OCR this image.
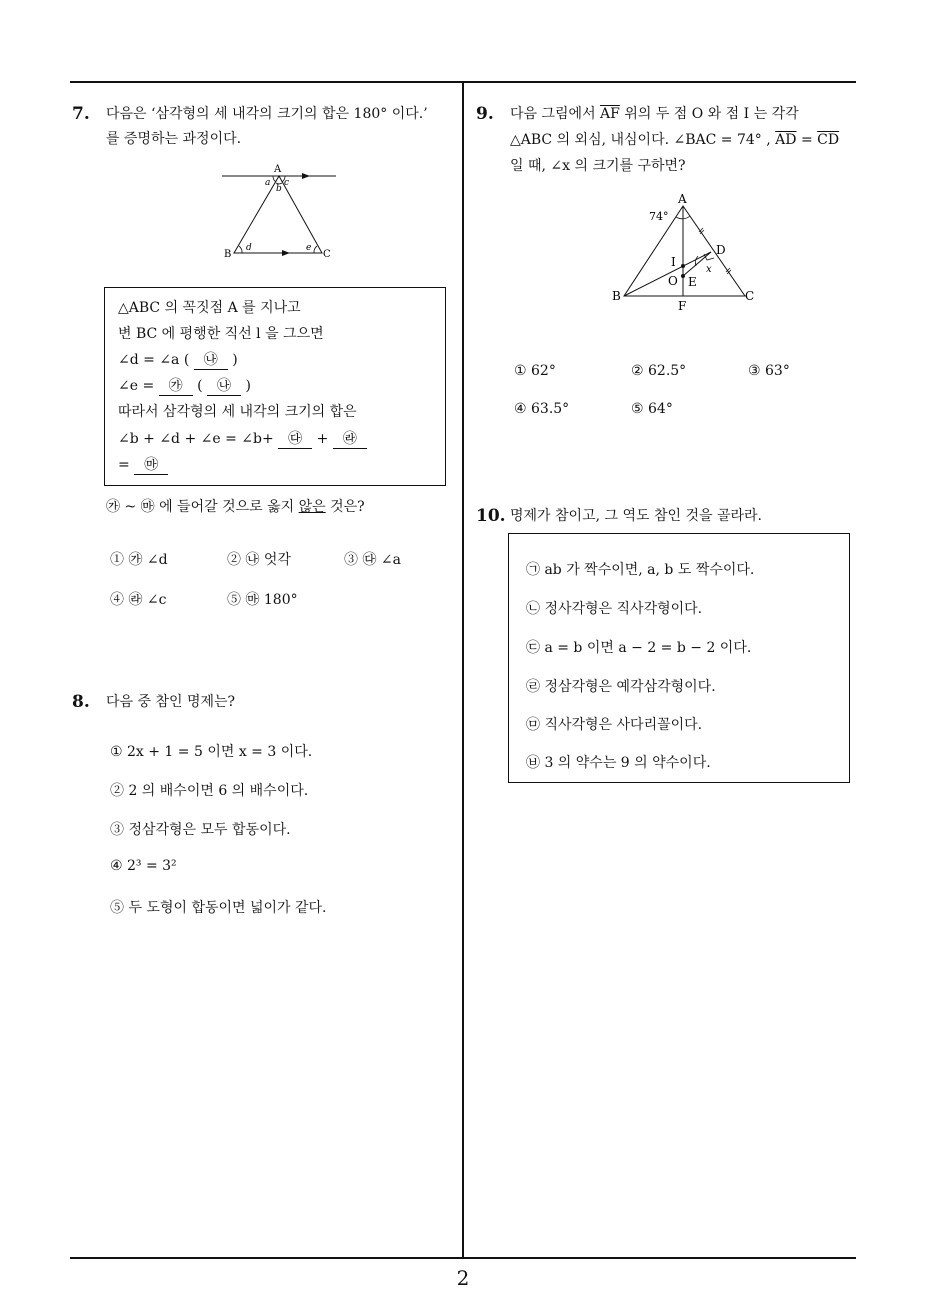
2
7. 다음은 ‘삼각형의 세 내각의 크기의 합은 180° 이다.’
를 증명하는 과정이다.
A
a
b
c
B
d	e
C
△ABC 의 꼭짓점 A 를 지나고
변 BC 에 평행한 직선 l 을 그으면
∠d = ∠a ( ㉯ )
∠e = ㉮ ( ㉯ )
따라서 삼각형의 세 내각의 크기의 합은
∠b + ∠d + ∠e = ∠b+ ㉰ + ㉱
= ㉲
㉮ ~ ㉲ 에 들어갈 것으로 옳지 않은 것은?
① ㉮ ∠d	② ㉯ 엇각	③ ㉰ ∠a
④ ㉱ ∠c	⑤ ㉲ 180°
8. 다음 중 참인 명제는?
① 2x + 1 = 5 이면 x = 3 이다.
② 2 의 배수이면 6 의 배수이다.
③ 정삼각형은 모두 합동이다.
④ 2³ = 3²
⑤ 두 도형이 합동이면 넓이가 같다.
9. 다음 그림에서 $\overline{AF}$ 위의 두 점 O 와 점 I 는 각각
△ABC 의 외심, 내심이다. ∠BAC = 74° , $\overline{AD} = \overline{CD}$
일 때, ∠x 의 크기를 구하면?
A
74°
D
I
x
O E
B	C
F
① 62°	② 62.5°	③ 63°
④ 63.5°	⑤ 64°
10. 명제가 참이고, 그 역도 참인 것을 골라라.
㉠ ab 가 짝수이면, a, b 도 짝수이다.
㉡ 정사각형은 직사각형이다.
㉢ a = b 이면 a − 2 = b − 2 이다.
㉣ 정삼각형은 예각삼각형이다.
㉤ 직사각형은 사다리꼴이다.
㉥ 3 의 약수는 9 의 약수이다.
